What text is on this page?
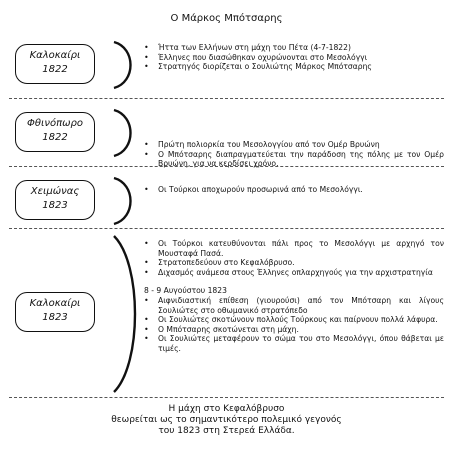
Ο Μάρκος Μπότσαρης
Καλοκαίρι
1822
• Ήττα των Ελλήνων στη μάχη του Πέτα (4-7-1822)
• Έλληνες που διασώθηκαν οχυρώνονται στο Μεσολόγγι
• Στρατηγός διορίζεται ο Σουλιώτης Μάρκος Μπότσαρης
Φθινόπωρο
1822
• Πρώτη πολιορκία του Μεσολογγίου από τον Ομέρ Βρυώνη
• Ο Μπότσαρης διαπραγματεύεται την παράδοση της πόλης με τον Ομέρ Βρυώνη, για να κερδίσει χρόνο.
Χειμώνας
1823
• Οι Τούρκοι αποχωρούν προσωρινά από το Μεσολόγγι.
Καλοκαίρι
1823
• Οι Τούρκοι κατευθύνονται πάλι προς το Μεσολόγγι με αρχηγό τον Μουσταφά Πασά.
• Στρατοπεδεύουν στο Κεφαλόβρυσο.
• Διχασμός ανάμεσα στους Έλληνες οπλαρχηγούς για την αρχιστρατηγία
8 - 9 Αυγούστου 1823
• Αιφνιδιαστική επίθεση (γιουρούσι) από τον Μπότσαρη και λίγους Σουλιώτες στο οθωμανικό στρατόπεδο
• Οι Σουλιώτες σκοτώνουν πολλούς Τούρκους και παίρνουν πολλά λάφυρα.
• Ο Μπότσαρης σκοτώνεται στη μάχη.
• Οι Σουλιώτες μεταφέρουν το σώμα του στο Μεσολόγγι, όπου θάβεται με τιμές.
Η μάχη στο Κεφαλόβρυσο
θεωρείται ως το σημαντικότερο πολεμικό γεγονός
του 1823 στη Στερεά Ελλάδα.
